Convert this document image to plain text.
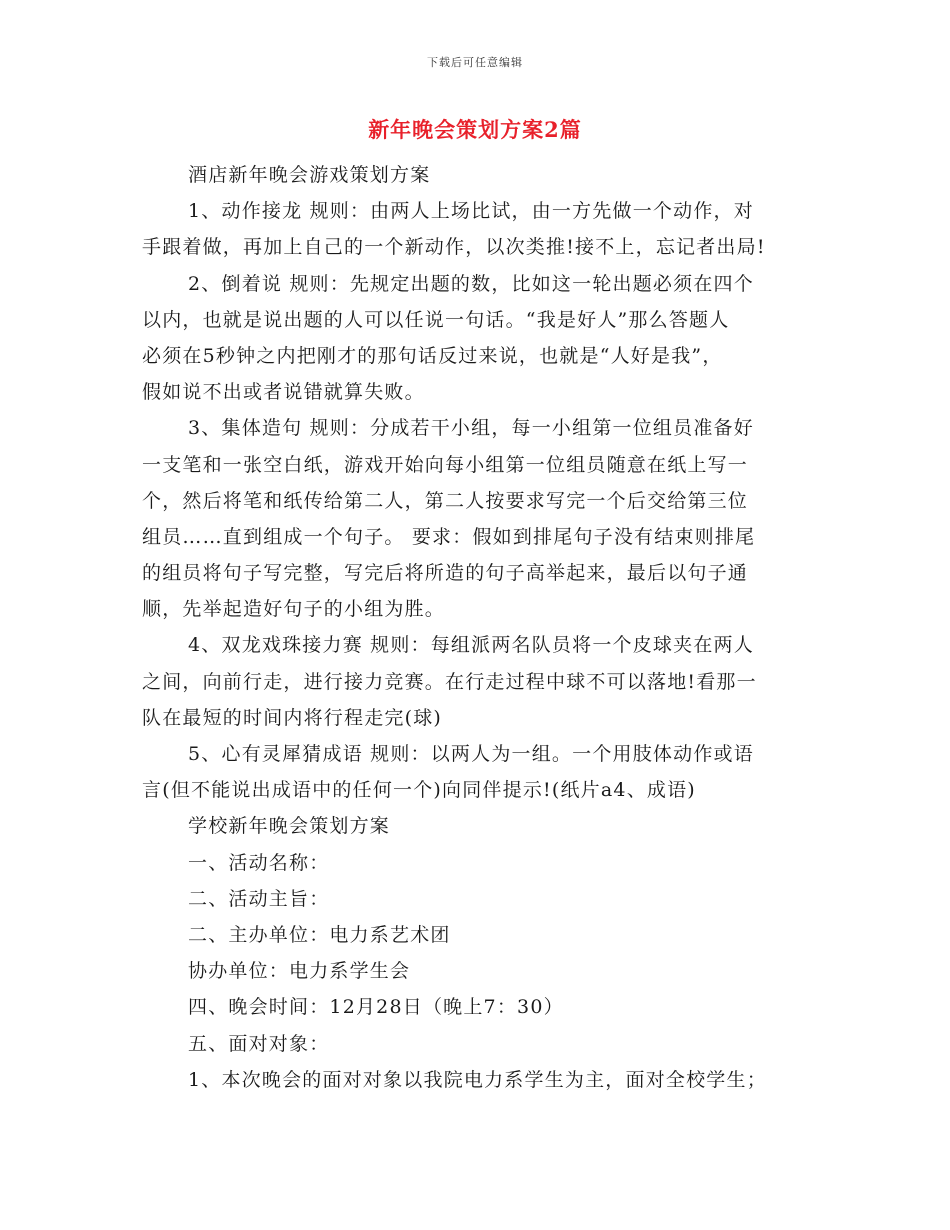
下载后可任意编辑
新年晚会策划方案2篇
酒店新年晚会游戏策划方案
1、动作接龙 规则：由两人上场比试，由一方先做一个动作，对
手跟着做，再加上自己的一个新动作，以次类推!接不上，忘记者出局!
2、倒着说 规则：先规定出题的数，比如这一轮出题必须在四个
以内，也就是说出题的人可以任说一句话。“我是好人”那么答题人
必须在5秒钟之内把刚才的那句话反过来说，也就是“人好是我”，
假如说不出或者说错就算失败。
3、集体造句 规则：分成若干小组，每一小组第一位组员准备好
一支笔和一张空白纸，游戏开始向每小组第一位组员随意在纸上写一
个，然后将笔和纸传给第二人，第二人按要求写完一个后交给第三位
组员……直到组成一个句子。 要求：假如到排尾句子没有结束则排尾
的组员将句子写完整，写完后将所造的句子高举起来，最后以句子通
顺，先举起造好句子的小组为胜。
4、双龙戏珠接力赛 规则：每组派两名队员将一个皮球夹在两人
之间，向前行走，进行接力竞赛。在行走过程中球不可以落地!看那一
队在最短的时间内将行程走完(球)
5、心有灵犀猜成语 规则：以两人为一组。一个用肢体动作或语
言(但不能说出成语中的任何一个)向同伴提示!(纸片a4、成语)
学校新年晚会策划方案
一、活动名称：
二、活动主旨：
二、主办单位：电力系艺术团
协办单位：电力系学生会
四、晚会时间：12月28日（晚上7：30）
五、面对对象：
1、本次晚会的面对对象以我院电力系学生为主，面对全校学生；
